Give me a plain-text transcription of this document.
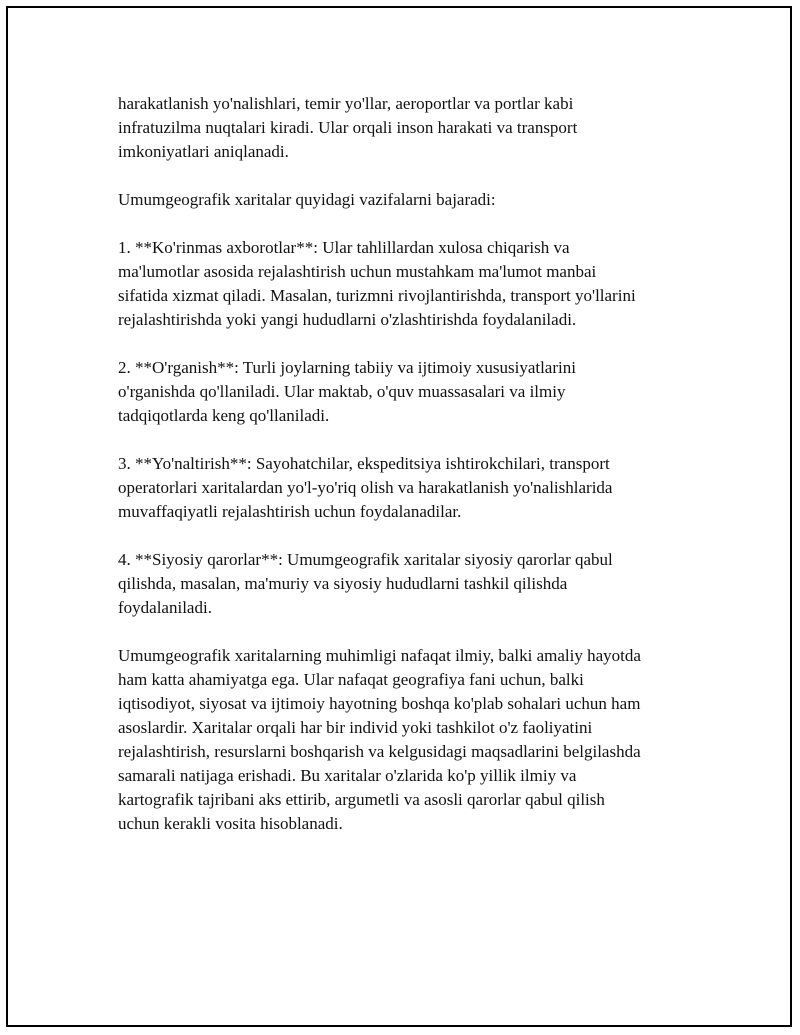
harakatlanish yo'nalishlari, temir yo'llar, aeroportlar va portlar kabi
infratuzilma nuqtalari kiradi. Ular orqali inson harakati va transport
imkoniyatlari aniqlanadi.

Umumgeografik xaritalar quyidagi vazifalarni bajaradi:

1. **Ko'rinmas axborotlar**: Ular tahlillardan xulosa chiqarish va
ma'lumotlar asosida rejalashtirish uchun mustahkam ma'lumot manbai
sifatida xizmat qiladi. Masalan, turizmni rivojlantirishda, transport yo'llarini
rejalashtirishda yoki yangi hududlarni o'zlashtirishda foydalaniladi.

2. **O'rganish**: Turli joylarning tabiiy va ijtimoiy xususiyatlarini
o'rganishda qo'llaniladi. Ular maktab, o'quv muassasalari va ilmiy
tadqiqotlarda keng qo'llaniladi.

3. **Yo'naltirish**: Sayohatchilar, ekspeditsiya ishtirokchilari, transport
operatorlari xaritalardan yo'l-yo'riq olish va harakatlanish yo'nalishlarida
muvaffaqiyatli rejalashtirish uchun foydalanadilar.

4. **Siyosiy qarorlar**: Umumgeografik xaritalar siyosiy qarorlar qabul
qilishda, masalan, ma'muriy va siyosiy hududlarni tashkil qilishda
foydalaniladi.

Umumgeografik xaritalarning muhimligi nafaqat ilmiy, balki amaliy hayotda
ham katta ahamiyatga ega. Ular nafaqat geografiya fani uchun, balki
iqtisodiyot, siyosat va ijtimoiy hayotning boshqa ko'plab sohalari uchun ham
asoslardir. Xaritalar orqali har bir individ yoki tashkilot o'z faoliyatini
rejalashtirish, resurslarni boshqarish va kelgusidagi maqsadlarini belgilashda
samarali natijaga erishadi. Bu xaritalar o'zlarida ko'p yillik ilmiy va
kartografik tajribani aks ettirib, argumetli va asosli qarorlar qabul qilish
uchun kerakli vosita hisoblanadi.
